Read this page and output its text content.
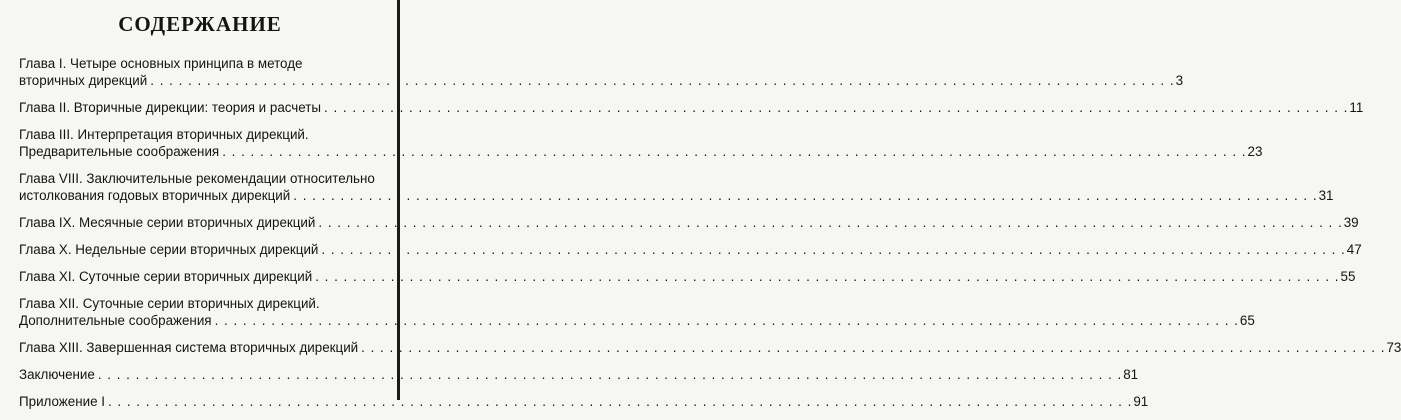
СОДЕРЖАНИЕ
Глава I. Четыре основных принципа в методе
вторичных дирекций . . .	3
Глава II. Вторичные дирекции: теория и расчеты . . .	11
Глава III. Интерпретация вторичных дирекций.
Предварительные соображения . . .	23
Глава VIII. Заключительные рекомендации относительно
истолкования годовых вторичных дирекций . . .	31
Глава IX. Месячные серии вторичных дирекций . . .	39
Глава X. Недельные серии вторичных дирекций . . .	47
Глава XI. Суточные серии вторичных дирекций . . .	55
Глава XII. Суточные серии вторичных дирекций.
Дополнительные соображения . . .	65
Глава XIII. Завершенная система вторичных дирекций . . .	73
Заключение . . .	81
Приложение I . . .	91
